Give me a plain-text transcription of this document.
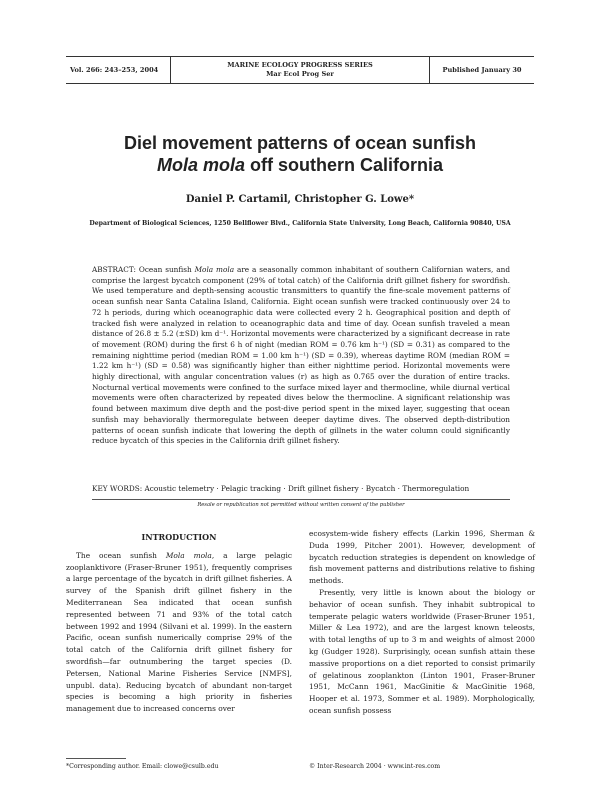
Vol. 266: 243–253, 2004
MARINE ECOLOGY PROGRESS SERIES
Mar Ecol Prog Ser	Published January 30
Diel movement patterns of ocean sunfish
Mola mola off southern California
Daniel P. Cartamil, Christopher G. Lowe*
Department of Biological Sciences, 1250 Bellflower Blvd., California State University, Long Beach, California 90840, USA

ABSTRACT: Ocean sunfish Mola mola are a seasonally common inhabitant of southern Californian waters, and comprise the largest bycatch component (29% of total catch) of the California drift gillnet fishery for swordfish. We used temperature and depth-sensing acoustic transmitters to quantify the fine-scale movement patterns of ocean sunfish near Santa Catalina Island, California. Eight ocean sunfish were tracked continuously over 24 to 72 h periods, during which oceanographic data were collected every 2 h. Geographical position and depth of tracked fish were analyzed in relation to oceanographic data and time of day. Ocean sunfish traveled a mean distance of 26.8 ± 5.2 (±SD) km d⁻¹. Horizontal movements were characterized by a significant decrease in rate of movement (ROM) during the first 6 h of night (median ROM = 0.76 km h⁻¹) (SD = 0.31) as compared to the remaining nighttime period (median ROM = 1.00 km h⁻¹) (SD = 0.39), whereas daytime ROM (median ROM = 1.22 km h⁻¹) (SD = 0.58) was significantly higher than either nighttime period. Horizontal movements were highly directional, with angular concentration values (r) as high as 0.765 over the duration of entire tracks. Nocturnal vertical movements were confined to the surface mixed layer and thermocline, while diurnal vertical movements were often characterized by repeated dives below the thermocline. A significant relationship was found between maximum dive depth and the post-dive period spent in the mixed layer, suggesting that ocean sunfish may behaviorally thermoregulate between deeper daytime dives. The observed depth-distribution patterns of ocean sunfish indicate that lowering the depth of gillnets in the water column could significantly reduce bycatch of this species in the California drift gillnet fishery.

KEY WORDS: Acoustic telemetry · Pelagic tracking · Drift gillnet fishery · Bycatch · Thermoregulation
Resale or republication not permitted without written consent of the publisher
INTRODUCTION

The ocean sunfish Mola mola, a large pelagic zooplanktivore (Fraser-Bruner 1951), frequently comprises a large percentage of the bycatch in drift gillnet fisheries. A survey of the Spanish drift gillnet fishery in the Mediterranean Sea indicated that ocean sunfish represented between 71 and 93% of the total catch between 1992 and 1994 (Silvani et al. 1999). In the eastern Pacific, ocean sunfish numerically comprise 29% of the total catch of the California drift gillnet fishery for swordfish—far outnumbering the target species (D. Petersen, National Marine Fisheries Service [NMFS], unpubl. data). Reducing bycatch of abundant non-target species is becoming a high priority in fisheries management due to increased concerns over

ecosystem-wide fishery effects (Larkin 1996, Sherman & Duda 1999, Pitcher 2001). However, development of bycatch reduction strategies is dependent on knowledge of fish movement patterns and distributions relative to fishing methods.

Presently, very little is known about the biology or behavior of ocean sunfish. They inhabit subtropical to temperate pelagic waters worldwide (Fraser-Bruner 1951, Miller & Lea 1972), and are the largest known teleosts, with total lengths of up to 3 m and weights of almost 2000 kg (Gudger 1928). Surprisingly, ocean sunfish attain these massive proportions on a diet reported to consist primarily of gelatinous zooplankton (Linton 1901, Fraser-Bruner 1951, McCann 1961, MacGinitie & MacGinitie 1968, Hooper et al. 1973, Sommer et al. 1989). Morphologically, ocean sunfish possess

*Corresponding author. Email: clowe@csulb.edu	© Inter-Research 2004 · www.int-res.com
